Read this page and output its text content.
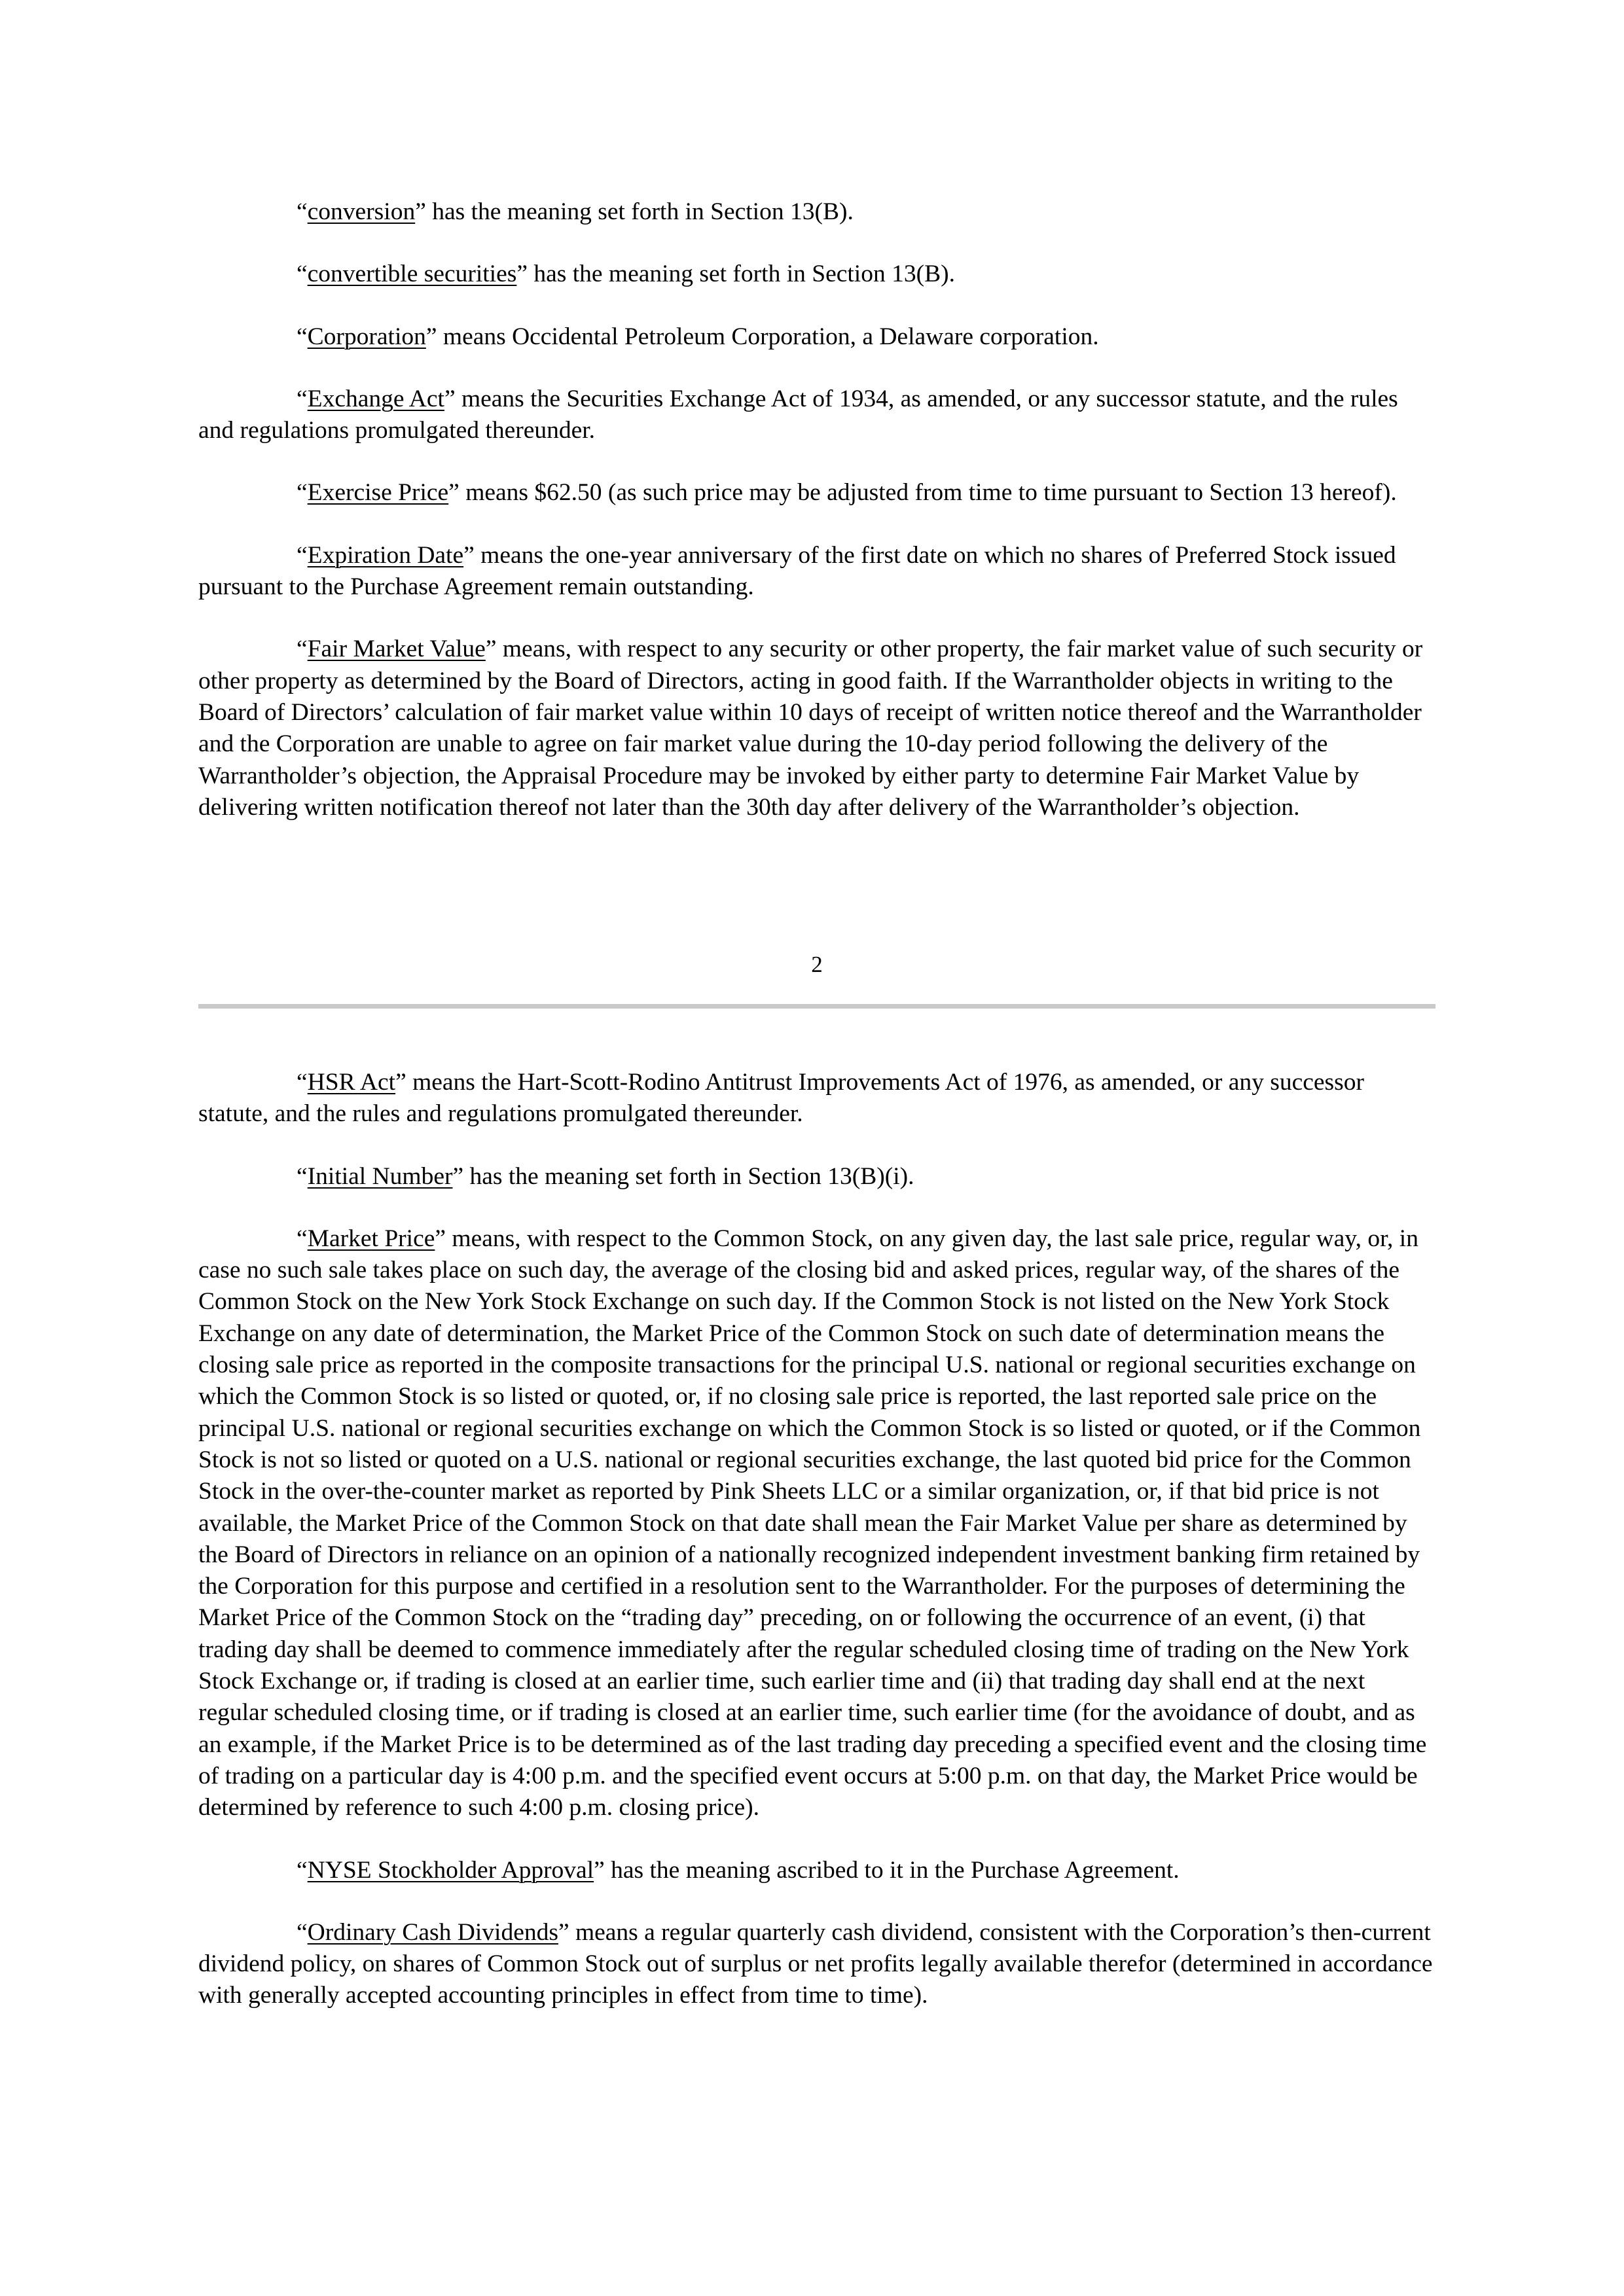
“conversion” has the meaning set forth in Section 13(B).

“convertible securities” has the meaning set forth in Section 13(B).

“Corporation” means Occidental Petroleum Corporation, a Delaware corporation.

“Exchange Act” means the Securities Exchange Act of 1934, as amended, or any successor statute, and the rules and regulations promulgated thereunder.

“Exercise Price” means $62.50 (as such price may be adjusted from time to time pursuant to Section 13 hereof).

“Expiration Date” means the one-year anniversary of the first date on which no shares of Preferred Stock issued pursuant to the Purchase Agreement remain outstanding.

“Fair Market Value” means, with respect to any security or other property, the fair market value of such security or other property as determined by the Board of Directors, acting in good faith. If the Warrantholder objects in writing to the Board of Directors’ calculation of fair market value within 10 days of receipt of written notice thereof and the Warrantholder and the Corporation are unable to agree on fair market value during the 10-day period following the delivery of the Warrantholder’s objection, the Appraisal Procedure may be invoked by either party to determine Fair Market Value by delivering written notification thereof not later than the 30th day after delivery of the Warrantholder’s objection.

2

“HSR Act” means the Hart-Scott-Rodino Antitrust Improvements Act of 1976, as amended, or any successor statute, and the rules and regulations promulgated thereunder.

“Initial Number” has the meaning set forth in Section 13(B)(i).

“Market Price” means, with respect to the Common Stock, on any given day, the last sale price, regular way, or, in case no such sale takes place on such day, the average of the closing bid and asked prices, regular way, of the shares of the Common Stock on the New York Stock Exchange on such day. If the Common Stock is not listed on the New York Stock Exchange on any date of determination, the Market Price of the Common Stock on such date of determination means the closing sale price as reported in the composite transactions for the principal U.S. national or regional securities exchange on which the Common Stock is so listed or quoted, or, if no closing sale price is reported, the last reported sale price on the principal U.S. national or regional securities exchange on which the Common Stock is so listed or quoted, or if the Common Stock is not so listed or quoted on a U.S. national or regional securities exchange, the last quoted bid price for the Common Stock in the over-the-counter market as reported by Pink Sheets LLC or a similar organization, or, if that bid price is not available, the Market Price of the Common Stock on that date shall mean the Fair Market Value per share as determined by the Board of Directors in reliance on an opinion of a nationally recognized independent investment banking firm retained by the Corporation for this purpose and certified in a resolution sent to the Warrantholder. For the purposes of determining the Market Price of the Common Stock on the “trading day” preceding, on or following the occurrence of an event, (i) that trading day shall be deemed to commence immediately after the regular scheduled closing time of trading on the New York Stock Exchange or, if trading is closed at an earlier time, such earlier time and (ii) that trading day shall end at the next regular scheduled closing time, or if trading is closed at an earlier time, such earlier time (for the avoidance of doubt, and as an example, if the Market Price is to be determined as of the last trading day preceding a specified event and the closing time of trading on a particular day is 4:00 p.m. and the specified event occurs at 5:00 p.m. on that day, the Market Price would be determined by reference to such 4:00 p.m. closing price).

“NYSE Stockholder Approval” has the meaning ascribed to it in the Purchase Agreement.

“Ordinary Cash Dividends” means a regular quarterly cash dividend, consistent with the Corporation’s then-current dividend policy, on shares of Common Stock out of surplus or net profits legally available therefor (determined in accordance with generally accepted accounting principles in effect from time to time).
